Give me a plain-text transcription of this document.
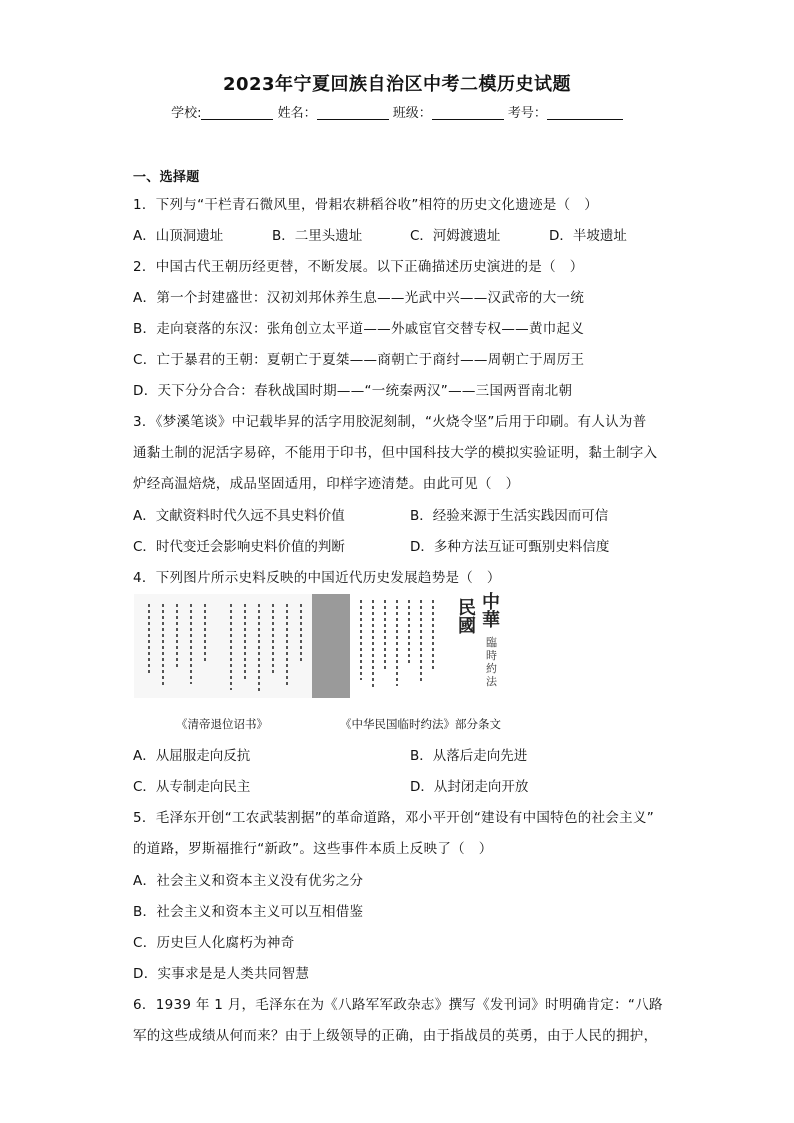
2023年宁夏回族自治区中考二模历史试题
学校:	姓名：	班级：	考号：
一、选择题
1．下列与“干栏青石微风里，骨耜农耕稻谷收”相符的历史文化遗迹是（　）
A．山顶洞遗址	B．二里头遗址	C．河姆渡遗址	D．半坡遗址
2．中国古代王朝历经更替，不断发展。以下正确描述历史演进的是（　）
A．第一个封建盛世：汉初刘邦休养生息——光武中兴——汉武帝的大一统
B．走向衰落的东汉：张角创立太平道——外戚宦官交替专权——黄巾起义
C．亡于暴君的王朝：夏朝亡于夏桀——商朝亡于商纣——周朝亡于周厉王
D．天下分分合合：春秋战国时期——“一统秦两汉”——三国两晋南北朝
3．《梦溪笔谈》中记载毕昇的活字用胶泥刻制，“火烧令坚”后用于印刷。有人认为普
通黏土制的泥活字易碎，不能用于印书，但中国科技大学的模拟实验证明，黏土制字入
炉经高温焙烧，成品坚固适用，印样字迹清楚。由此可见（　）
A．文献资料时代久远不具史料价值	B．经验来源于生活实践因而可信
C．时代变迁会影响史料价值的判断	D．多种方法互证可甄别史料信度
4．下列图片所示史料反映的中国近代历史发展趋势是（　）
中華
民國
臨時約法
《清帝退位诏书》	《中华民国临时约法》部分条文
A．从屈服走向反抗	B．从落后走向先进
C．从专制走向民主	D．从封闭走向开放
5．毛泽东开创“工农武装割据”的革命道路，邓小平开创“建设有中国特色的社会主义”
的道路，罗斯福推行“新政”。这些事件本质上反映了（　）
A．社会主义和资本主义没有优劣之分
B．社会主义和资本主义可以互相借鉴
C．历史巨人化腐朽为神奇
D．实事求是是人类共同智慧
6．1939 年 1 月，毛泽东在为《八路军军政杂志》撰写《发刊词》时明确肯定：“八路
军的这些成绩从何而来？由于上级领导的正确，由于指战员的英勇，由于人民的拥护，
